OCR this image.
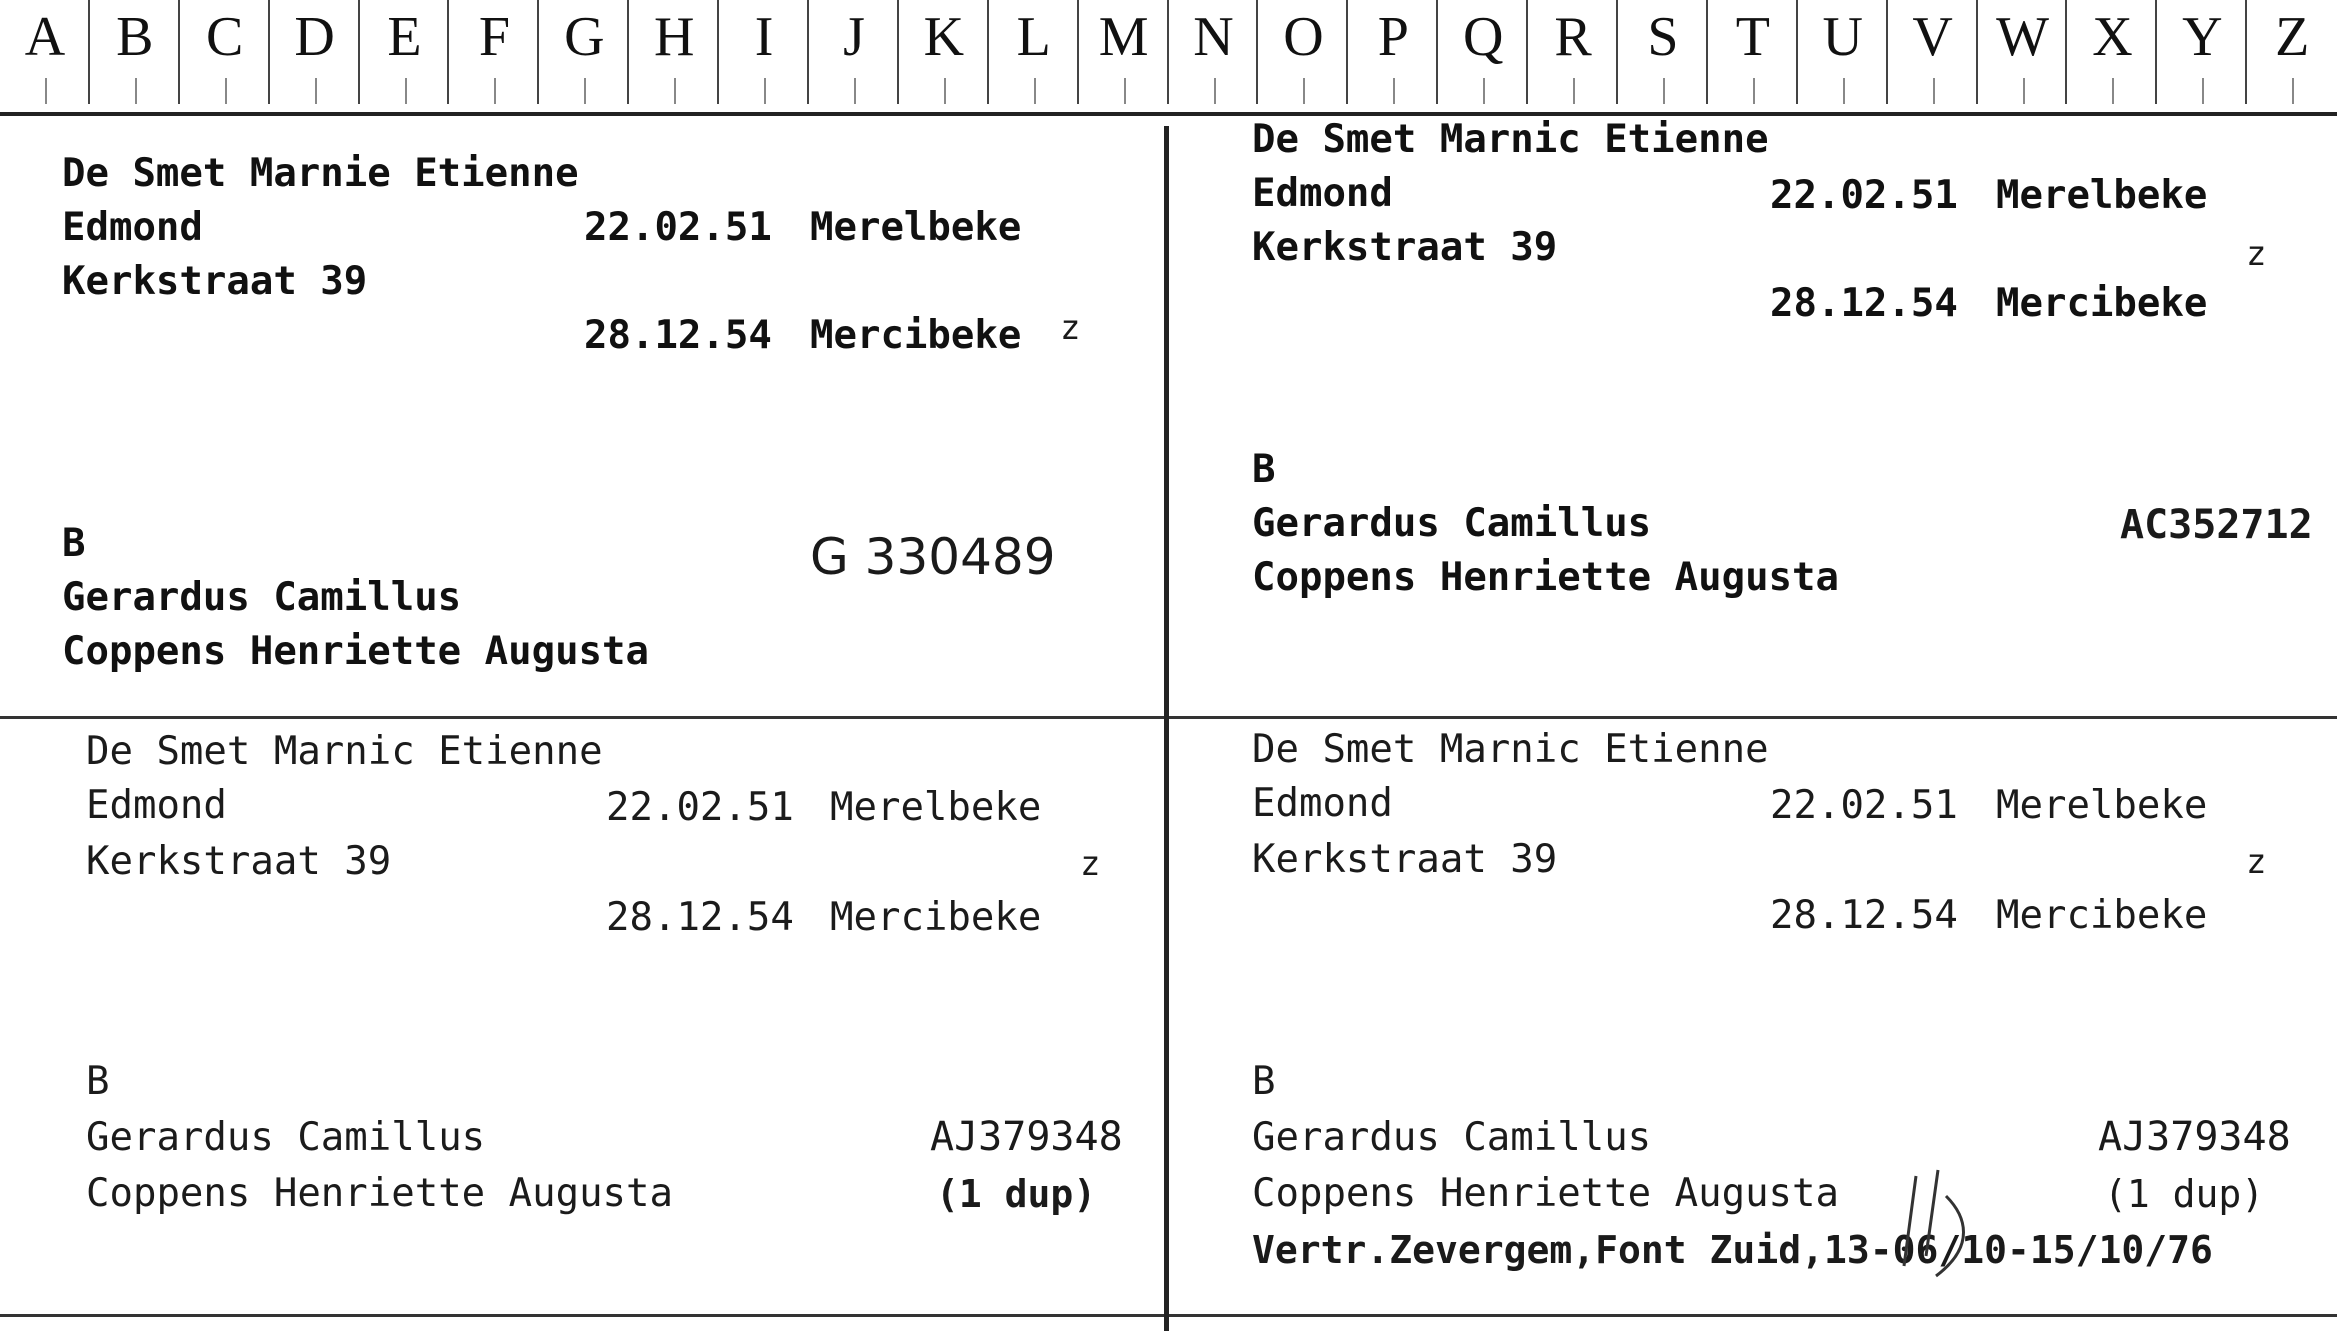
A B C D E	F G H	I	J	K L M N O P Q R S	T U V W X Y Z
De Smet Marnie Etienne
Edmond	22.02.51 Merelbeke
Kerkstraat 39
z
28.12.54 Mercibeke
B
Gerardus Camillus
Coppens Henriette Augusta
G 330489
De Smet Marnic Etienne
Edmond	22.02.51 Merelbeke
Kerkstraat 39	z
28.12.54 Mercibeke
B
Gerardus Camillus
Coppens Henriette Augusta
AC352712
De Smet Marnic Etienne
Edmond	22.02.51 Merelbeke
Kerkstraat 39	z
28.12.54 Mercibeke
B
Gerardus Camillus
Coppens Henriette Augusta
AJ379348
(1 dup)
De Smet Marnic Etienne
Edmond	22.02.51 Merelbeke
Kerkstraat 39	z
28.12.54 Mercibeke
B
Gerardus Camillus
Coppens Henriette Augusta
AJ379348
(1 dup)
Vertr.Zevergem,Font Zuid,13-06/10-15/10/76
